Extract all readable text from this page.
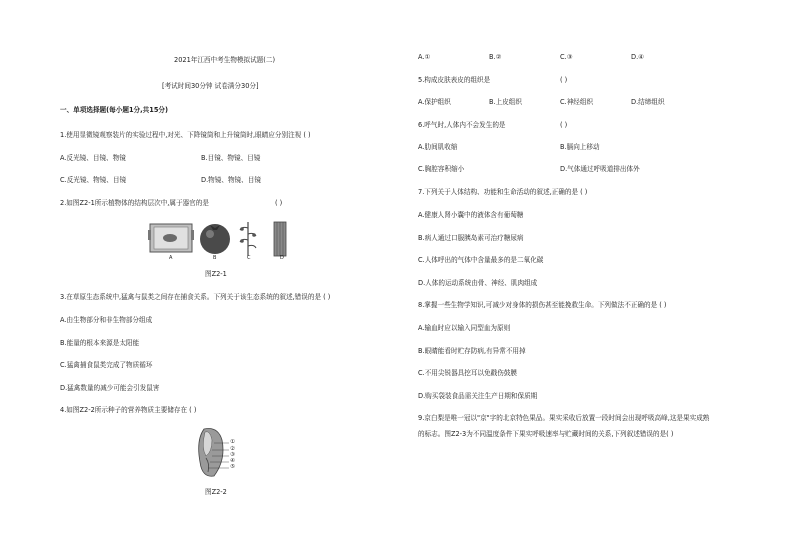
2021年江西中考生物模拟试题(二)
[考试时间30分钟 试卷满分30分]
一、单项选择题(每小题1分,共15分)
1.使用显微镜观察装片的实验过程中,对光、下降镜筒和上升镜筒时,眼睛应分别注视 ( )
A.反光镜、目镜、物镜	B.目镜、物镜、目镜
C.反光镜、物镜、目镜	D.物镜、物镜、目镜
2.如图Z2-1所示植物体的结构层次中,属于器官的是	( )
A	B	C	D
图Z2-1
3.在草原生态系统中,猛禽与鼠类之间存在捕食关系。下列关于该生态系统的叙述,错误的是 ( )
A.由生物部分和非生物部分组成
B.能量的根本来源是太阳能
C.猛禽捕食鼠类完成了物质循环
D.猛禽数量的减少可能会引发鼠害
4.如图Z2-2所示种子的营养物质主要储存在 ( )
①
②
③
④
⑤
图Z2-2
A.①	B.②	C.③	D.④
5.构成皮肤表皮的组织是	( )
A.保护组织	B.上皮组织	C.神经组织	D.结缔组织
6.呼气时,人体内不会发生的是	( )
A.肋间肌收缩	B.膈向上移动
C.胸腔容积缩小	D.气体通过呼吸道排出体外
7.下列关于人体结构、功能和生命活动的叙述,正确的是 ( )
A.健康人肾小囊中的液体含有葡萄糖
B.病人通过口服胰岛素可治疗糖尿病
C.人体呼出的气体中含量最多的是二氧化碳
D.人体的运动系统由骨、神经、肌肉组成
8.掌握一些生物学知识,可减少对身体的损伤甚至能挽救生命。下列做法不正确的是 ( )
A.输血时应以输入同型血为原则
B.眼睛能看时贮存防病,有异常不用掉
C.不用尖锐器具挖耳以免戳伤鼓膜
D.购买袋装食品需关注生产日期和保质期
9.京白梨是唯一冠以"京"字的北京特色果品。果实采收后放置一段时间会出现呼吸高峰,这是果实成熟
的标志。图Z2-3为不同温度条件下果实呼吸速率与贮藏时间的关系,下列叙述错误的是( )
